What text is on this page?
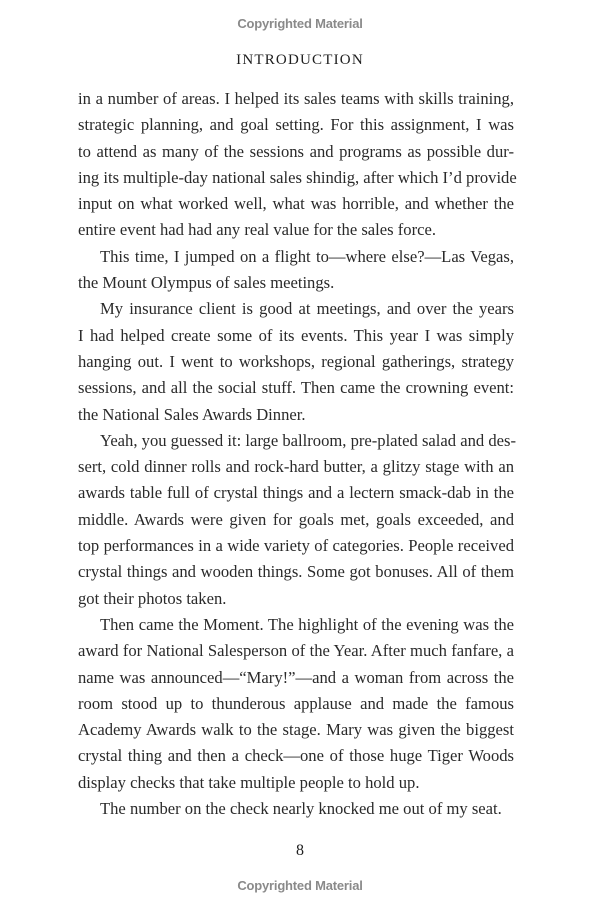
Copyrighted Material
INTRODUCTION
in a number of areas. I helped its sales teams with skills training,
strategic planning, and goal setting. For this assignment, I was
to attend as many of the sessions and programs as possible dur-
ing its multiple-day national sales shindig, after which I’d provide
input on what worked well, what was horrible, and whether the
entire event had had any real value for the sales force.
This time, I jumped on a flight to—where else?—Las Vegas,
the Mount Olympus of sales meetings.
My insurance client is good at meetings, and over the years
I had helped create some of its events. This year I was simply
hanging out. I went to workshops, regional gatherings, strategy
sessions, and all the social stuff. Then came the crowning event:
the National Sales Awards Dinner.
Yeah, you guessed it: large ballroom, pre-plated salad and des-
sert, cold dinner rolls and rock-hard butter, a glitzy stage with an
awards table full of crystal things and a lectern smack-dab in the
middle. Awards were given for goals met, goals exceeded, and
top performances in a wide variety of categories. People received
crystal things and wooden things. Some got bonuses. All of them
got their photos taken.
Then came the Moment. The highlight of the evening was the
award for National Salesperson of the Year. After much fanfare, a
name was announced—“Mary!”—and a woman from across the
room stood up to thunderous applause and made the famous
Academy Awards walk to the stage. Mary was given the biggest
crystal thing and then a check—one of those huge Tiger Woods
display checks that take multiple people to hold up.
The number on the check nearly knocked me out of my seat.
8
Copyrighted Material
